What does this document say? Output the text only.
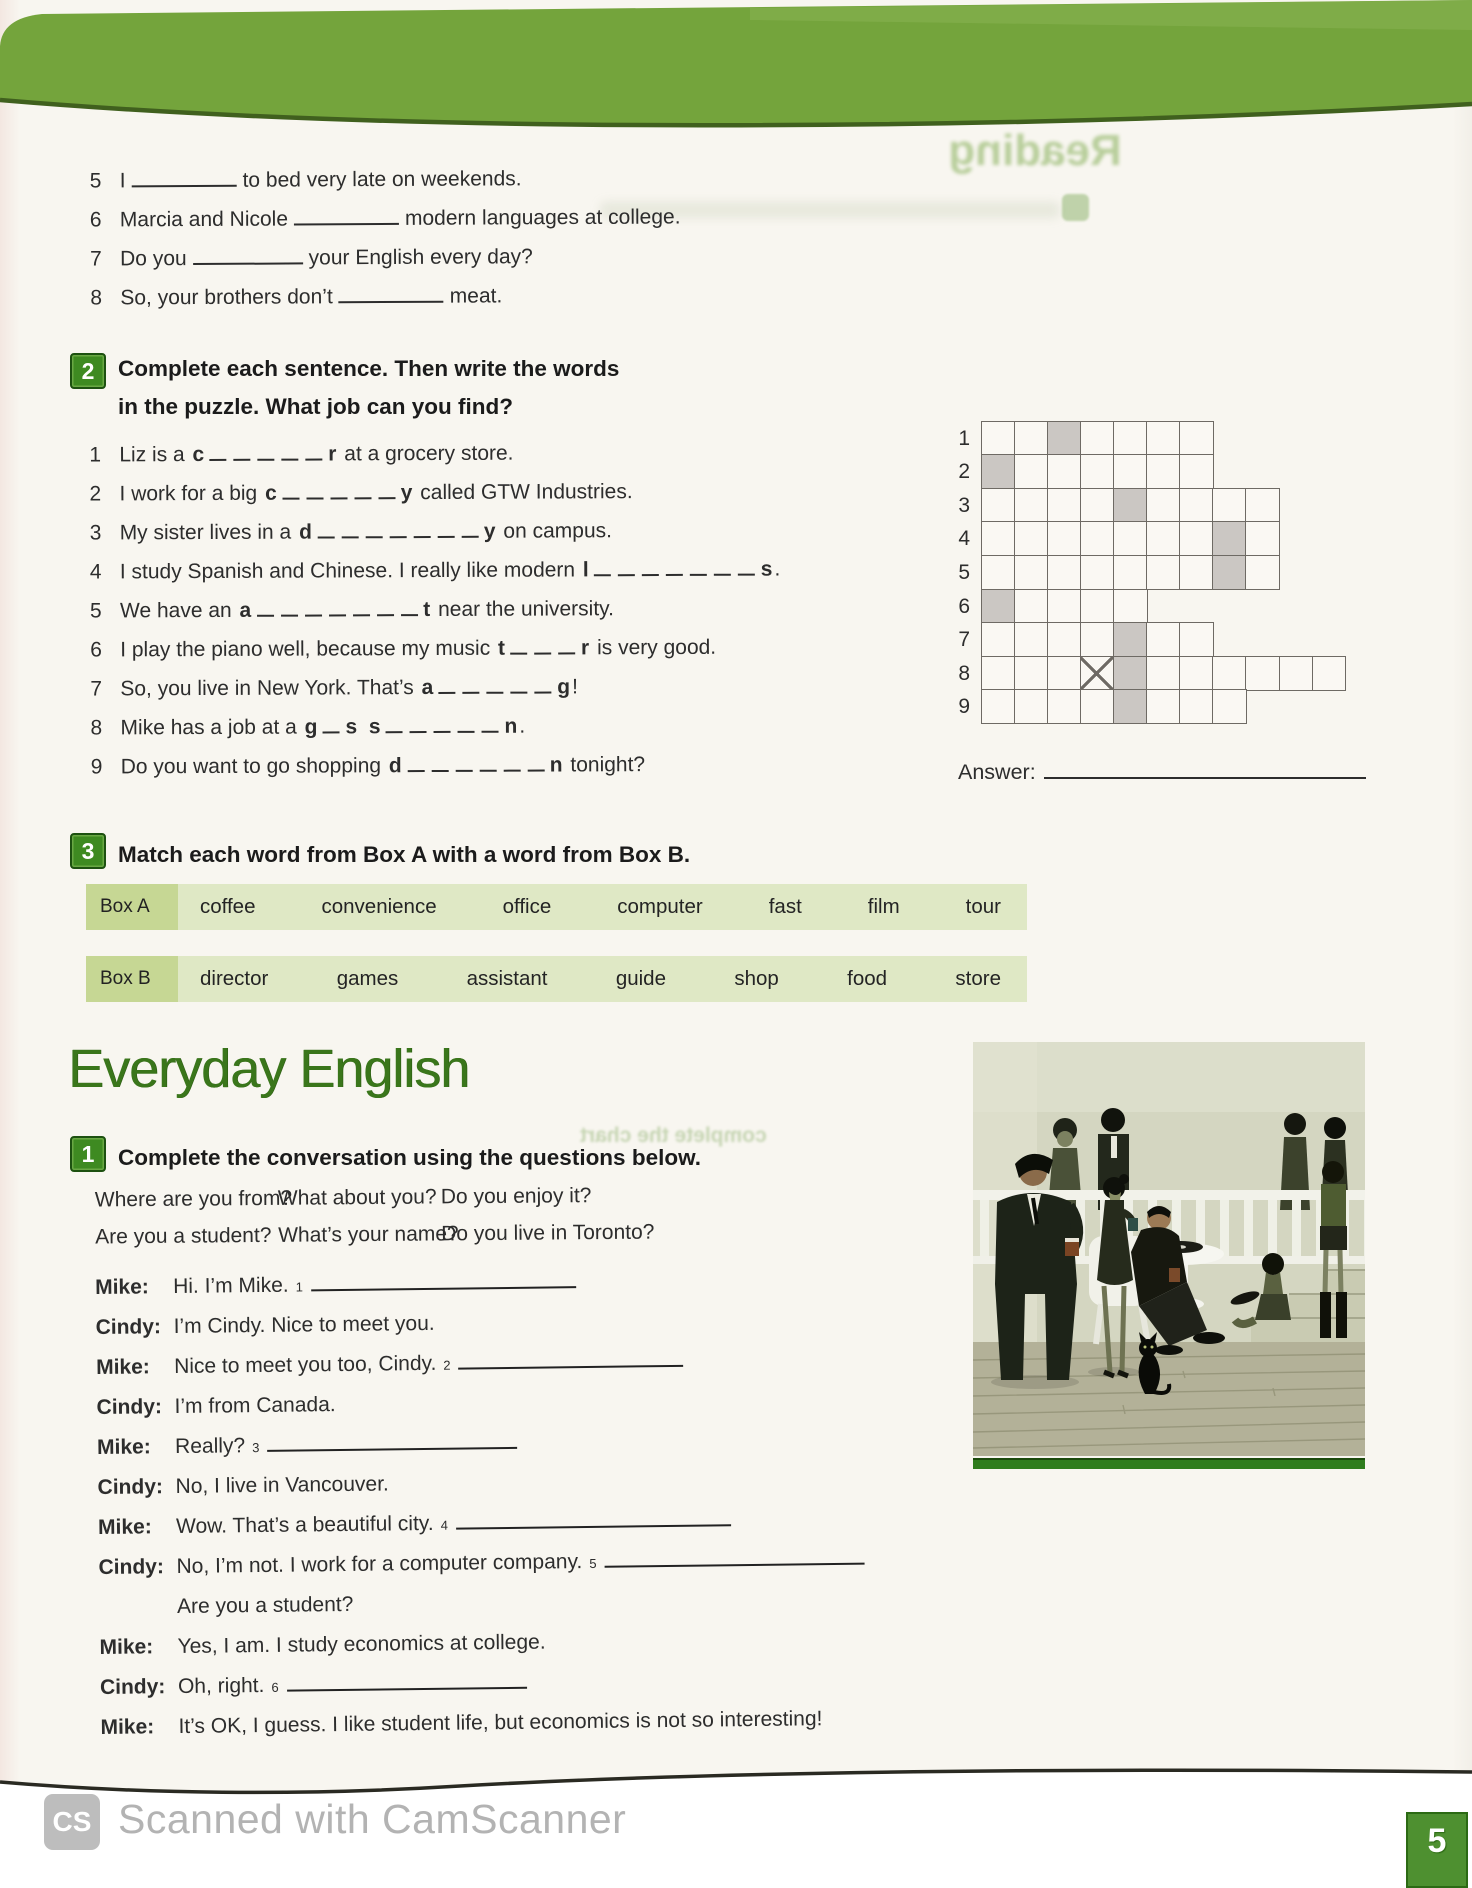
Reading
complete the chart
5 I	to bed very late on weekends.
6 Marcia and Nicole	modern languages at college.
7 Do you	your English every day?
8 So, your brothers don’t	meat.
2	Complete each sentence. Then write the words
in the puzzle. What job can you find?
1 Liz is a c	r at a grocery store.
2 I work for a big c	y called GTW Industries.
3 My sister lives in a d	y on campus.
4 I study Spanish and Chinese. I really like modern l	s.
5 We have an a	t near the university.
6 I play the piano well, because my music t	r is very good.
7 So, you live in New York. That’s a	g!
8 Mike has a job at a g s  s	n.
9 Do you want to go shopping d	n tonight?
1
2
3
4
5
6
7
8
9
Answer:
3	Match each word from Box A with a word from Box B.
Box A	coffee	convenience	office	computer	fast	film	tour
Box B	director	games	assistant	guide	shop	food	store
Everyday English
1	Complete the conversation using the questions below.
Where are you from?
What about you? Do you enjoy it?
Are you a student? What’s your name?
Do you live in Toronto?
Mike:	Hi. I’m Mike. 1
Cindy: I’m Cindy. Nice to meet you.
Mike:	Nice to meet you too, Cindy. 2
Cindy: I’m from Canada.
Mike:	Really? 3
Cindy: No, I live in Vancouver.
Mike:	Wow. That’s a beautiful city. 4
Cindy: No, I’m not. I work for a computer company. 5
Are you a student?
Mike:	Yes, I am. I study economics at college.
Cindy: Oh, right. 6
Mike:	It’s OK, I guess. I like student life, but economics is not so interesting!
CS Scanned with CamScanner	5
